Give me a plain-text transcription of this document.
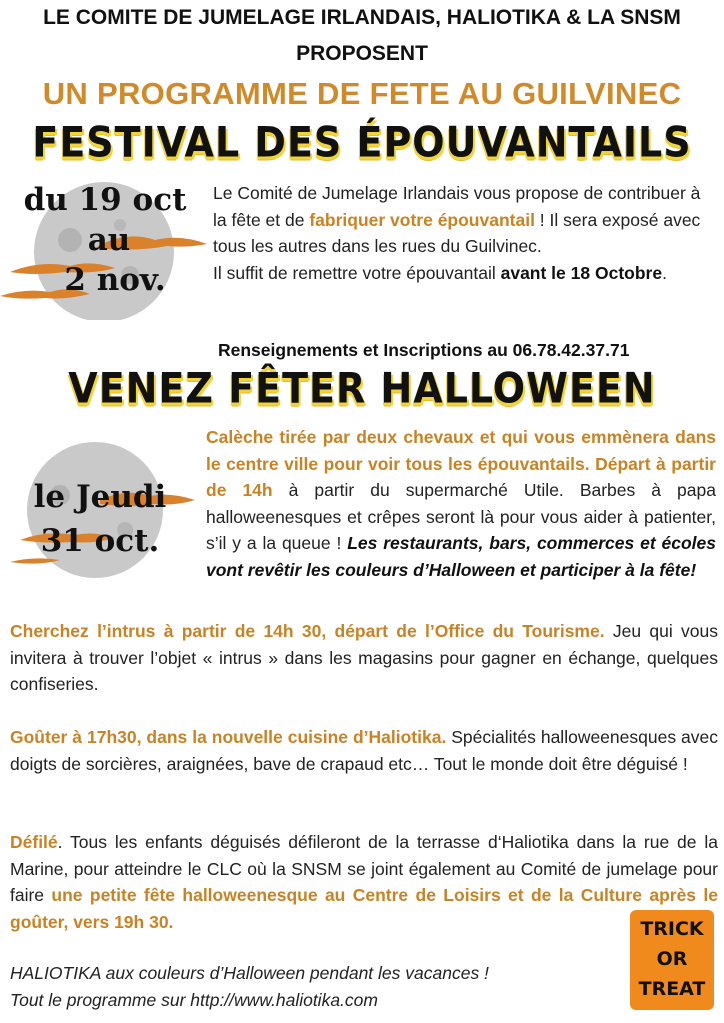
LE COMITE DE JUMELAGE IRLANDAIS, HALIOTIKA & LA SNSM
PROPOSENT
UN PROGRAMME DE FETE AU GUILVINEC
FESTIVAL DES ÉPOUVANTAILS
du 19 oct
au
2 nov.
Le Comité de Jumelage Irlandais vous propose de contribuer à la fête et de fabriquer votre épouvantail ! Il sera exposé avec tous les autres dans les rues du Guilvinec.
Il suffit de remettre votre épouvantail avant le 18 Octobre.
Renseignements et Inscriptions au 06.78.42.37.71
VENEZ FÊTER HALLOWEEN
le Jeudi
31 oct.
Calèche tirée par deux chevaux et qui vous emmènera dans le centre ville pour voir tous les épouvantails. Départ à partir de 14h à partir du supermarché Utile. Barbes à papa halloweenesques et crêpes seront là pour vous aider à patienter, s’il y a la queue ! Les restaurants, bars, commerces et écoles vont revêtir les couleurs d’Halloween et participer à la fête!
Cherchez l’intrus à partir de 14h 30, départ de l’Office du Tourisme. Jeu qui vous invitera à trouver l’objet « intrus » dans les magasins pour gagner en échange, quelques confiseries.
Goûter à 17h30, dans la nouvelle cuisine d’Haliotika. Spécialités halloweenesques avec doigts de sorcières, araignées, bave de crapaud etc… Tout le monde doit être déguisé !
Défilé. Tous les enfants déguisés défileront de la terrasse d‘Haliotika dans la rue de la Marine, pour atteindre le CLC où la SNSM se joint également au Comité de jumelage pour faire une petite fête halloweenesque au Centre de Loisirs et de la Culture après le goûter, vers 19h 30.
HALIOTIKA aux couleurs d’Halloween pendant les vacances !
Tout le programme sur http://www.haliotika.com
TRICK
OR
TREAT
